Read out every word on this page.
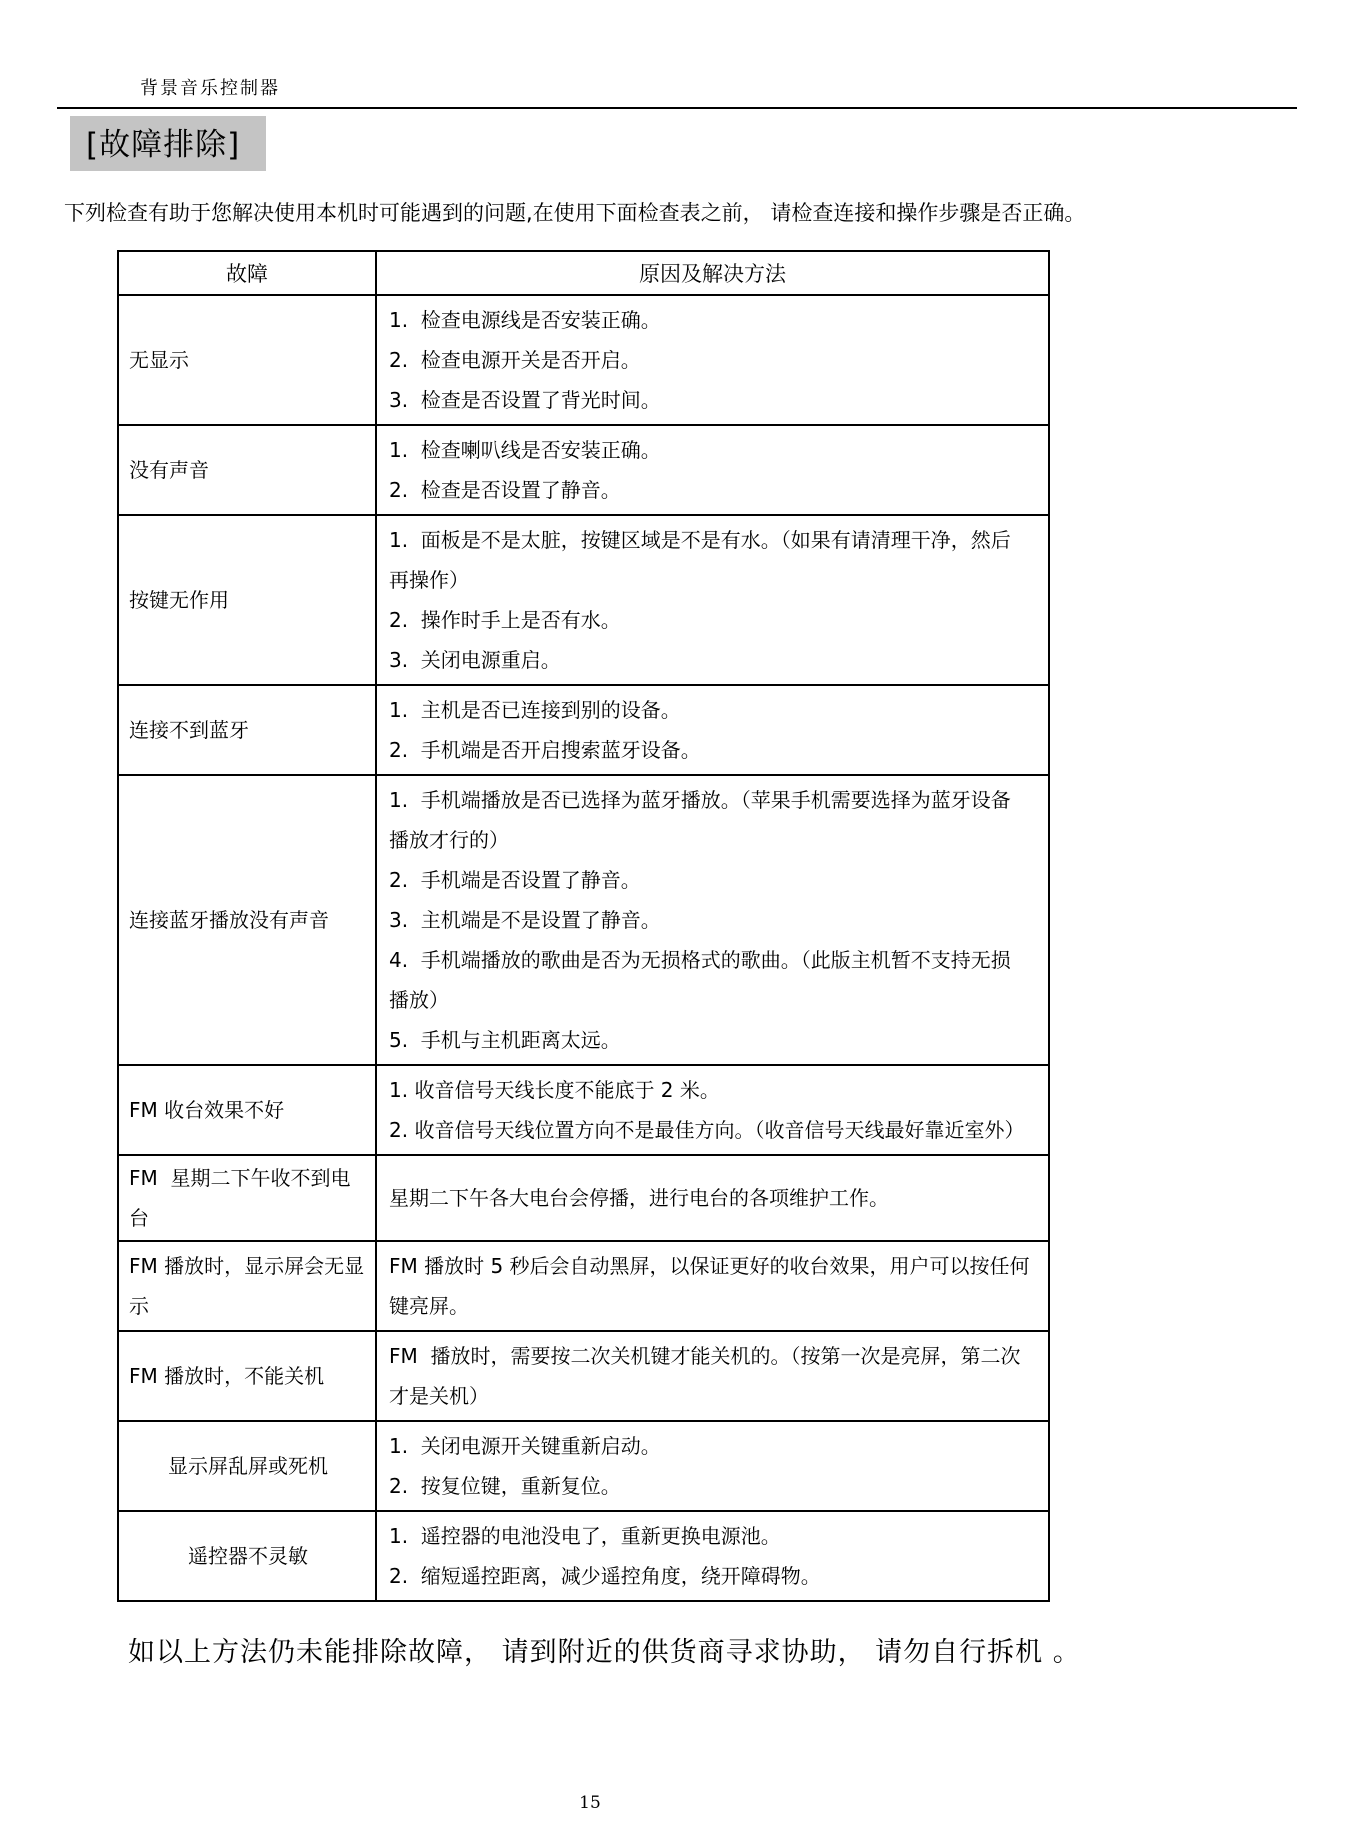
背景音乐控制器
[故障排除]

下列检查有助于您解决使用本机时可能遇到的问题,在使用下面检查表之前， 请检查连接和操作步骤是否正确。

故障	原因及解决方法
无显示	1.  检查电源线是否安装正确。
2.  检查电源开关是否开启。
3.  检查是否设置了背光时间。

没有声音	1.  检查喇叭线是否安装正确。
2.  检查是否设置了静音。

按键无作用	1.  面板是不是太脏，按键区域是不是有水。（如果有请清理干净，然后再操作）
2.  操作时手上是否有水。
3.  关闭电源重启。

连接不到蓝牙	1.  主机是否已连接到别的设备。
2.  手机端是否开启搜索蓝牙设备。

连接蓝牙播放没有声音	1.  手机端播放是否已选择为蓝牙播放。（苹果手机需要选择为蓝牙设备播放才行的）
2.  手机端是否设置了静音。
3.  主机端是不是设置了静音。
4.  手机端播放的歌曲是否为无损格式的歌曲。（此版主机暂不支持无损播放）
5.  手机与主机距离太远。

FM 收台效果不好	1. 收音信号天线长度不能底于 2 米。
2. 收音信号天线位置方向不是最佳方向。（收音信号天线最好靠近室外）

FM  星期二下午收不到电台	星期二下午各大电台会停播，进行电台的各项维护工作。

FM 播放时，显示屏会无显示	FM 播放时 5 秒后会自动黑屏，以保证更好的收台效果，用户可以按任何键亮屏。

FM 播放时，不能关机	FM  播放时，需要按二次关机键才能关机的。（按第一次是亮屏，第二次才是关机）

显示屏乱屏或死机	1.  关闭电源开关键重新启动。
2.  按复位键，重新复位。

遥控器不灵敏	1.  遥控器的电池没电了，重新更换电源池。
2.  缩短遥控距离，减少遥控角度，绕开障碍物。

如以上方法仍未能排除故障， 请到附近的供货商寻求协助， 请勿自行拆机 。

15
